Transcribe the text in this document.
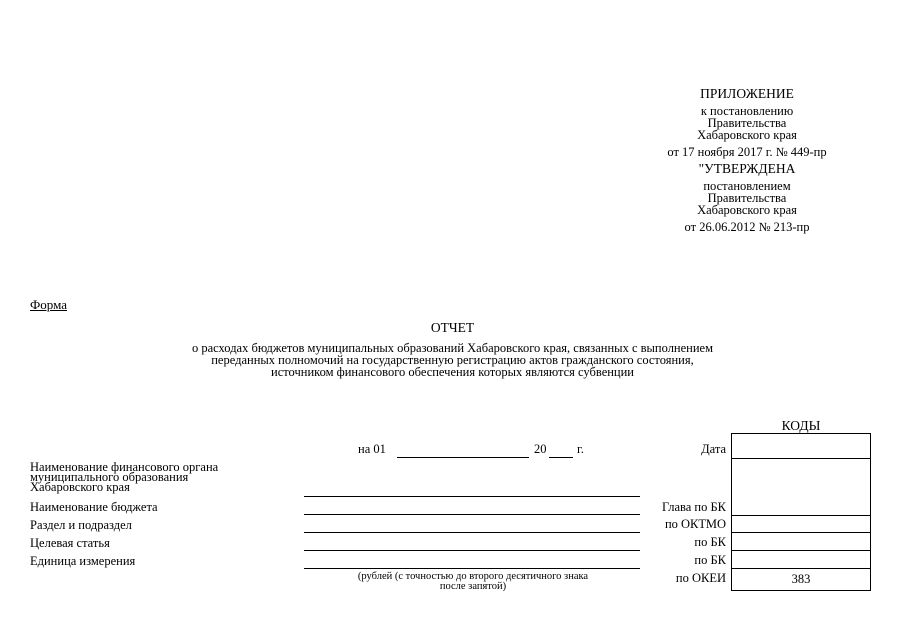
ПРИЛОЖЕНИЕ
к постановлению
Правительства
Хабаровского края
от 17 ноября 2017 г. № 449-пр
"УТВЕРЖДЕНА
постановлением
Правительства
Хабаровского края
от 26.06.2012 № 213-пр
Форма
ОТЧЕТ
о расходах бюджетов муниципальных образований Хабаровского края, связанных с выполнением
переданных полномочий на государственную регистрацию актов гражданского состояния,
источником финансового обеспечения которых являются субвенции
КОДЫ
383
на 01	20 г.	Дата
Глава по БК
по ОКТМО
по БК
по БК
по ОКЕИ
Наименование финансового органа
муниципального образования
Хабаровского края
Наименование бюджета
Раздел и подраздел
Целевая статья
Единица измерения
(рублей (с точностью до второго десятичного знака
после запятой)
